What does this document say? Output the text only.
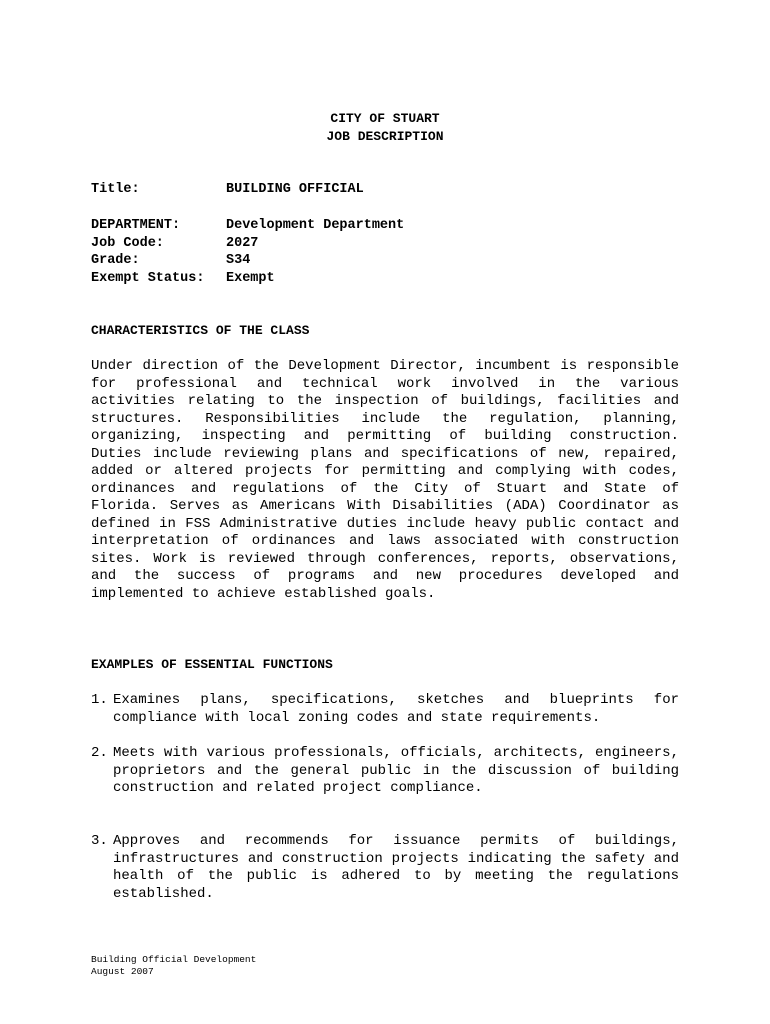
CITY OF STUART
JOB DESCRIPTION
Title:	BUILDING OFFICIAL
DEPARTMENT:	Development Department
Job Code:	2027
Grade:	S34
Exempt Status:	Exempt
CHARACTERISTICS OF THE CLASS
Under direction of the Development Director, incumbent is responsible for professional and technical work involved in the various activities relating to the inspection of buildings, facilities and structures. Responsibilities include the regulation, planning, organizing, inspecting and permitting of building construction. Duties include reviewing plans and specifications of new, repaired, added or altered projects for permitting and complying with codes, ordinances and regulations of the City of Stuart and State of Florida. Serves as Americans With Disabilities (ADA) Coordinator as defined in FSS Administrative duties include heavy public contact and interpretation of ordinances and laws associated with construction sites. Work is reviewed through conferences, reports, observations, and the success of programs and new procedures developed and implemented to achieve established goals.
EXAMPLES OF ESSENTIAL FUNCTIONS
1. Examines plans, specifications, sketches and blueprints for compliance with local zoning codes and state requirements.
2. Meets with various professionals, officials, architects, engineers, proprietors and the general public in the discussion of building construction and related project compliance.
3. Approves and recommends for issuance permits of buildings, infrastructures and construction projects indicating the safety and health of the public is adhered to by meeting the regulations established.
Building Official Development
August 2007
